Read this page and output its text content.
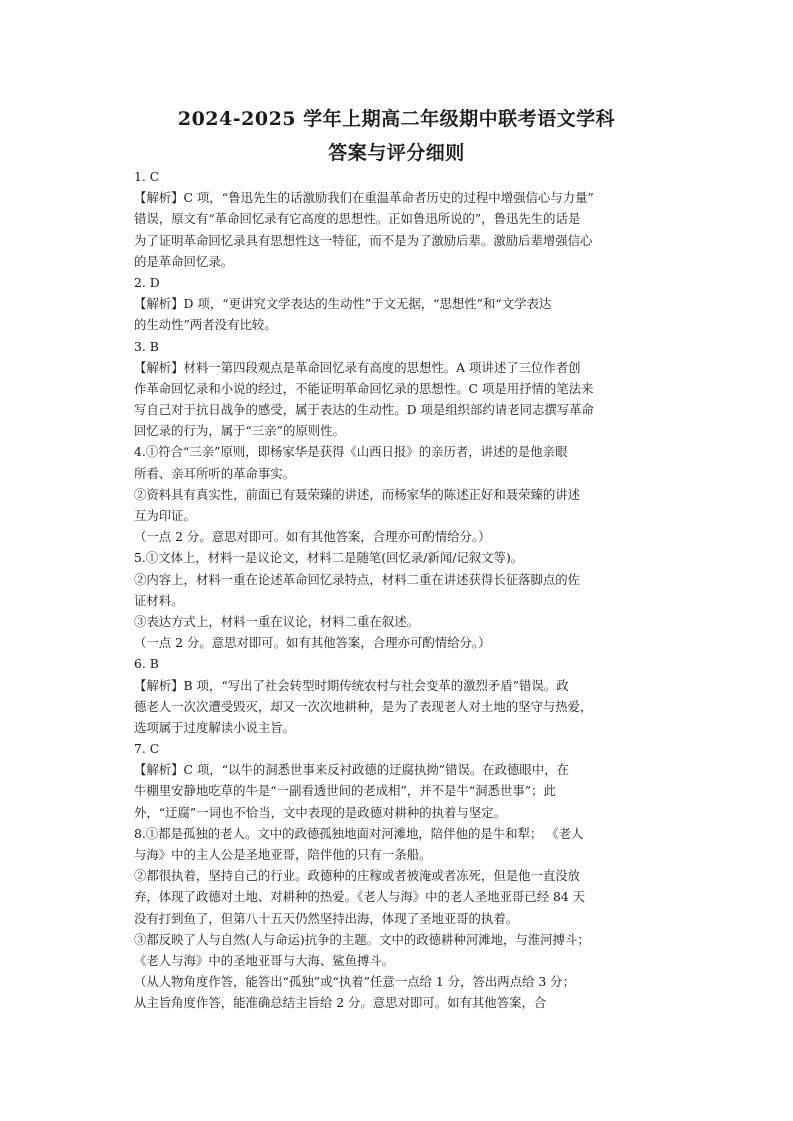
2024-2025 学年上期高二年级期中联考语文学科
答案与评分细则
1. C
【解析】C 项，“鲁迅先生的话激励我们在重温革命者历史的过程中增强信心与力量”
错误，原文有“革命回忆录有它高度的思想性。正如鲁迅所说的”，鲁迅先生的话是
为了证明革命回忆录具有思想性这一特征，而不是为了激励后辈。激励后辈增强信心
的是革命回忆录。
2. D
【解析】D 项，“更讲究文学表达的生动性”于文无据，“思想性”和“文学表达
的生动性”两者没有比较。
3. B
【解析】材料一第四段观点是革命回忆录有高度的思想性。A 项讲述了三位作者创
作革命回忆录和小说的经过，不能证明革命回忆录的思想性。C 项是用抒情的笔法来
写自己对于抗日战争的感受，属于表达的生动性。D 项是组织部约请老同志撰写革命
回忆录的行为，属于“三亲”的原则性。
4.①符合“三亲”原则，即杨家华是获得《山西日报》的亲历者，讲述的是他亲眼
所看、亲耳所听的革命事实。
②资料具有真实性，前面已有聂荣臻的讲述，而杨家华的陈述正好和聂荣臻的讲述
互为印证。
（一点 2 分。意思对即可。如有其他答案，合理亦可酌情给分。）
5.①文体上，材料一是议论文，材料二是随笔(回忆录/新闻/记叙文等)。
②内容上，材料一重在论述革命回忆录特点，材料二重在讲述获得长征落脚点的佐
证材料。
③表达方式上，材料一重在议论，材料二重在叙述。
（一点 2 分。意思对即可。如有其他答案，合理亦可酌情给分。）
6. B
【解析】B 项，“写出了社会转型时期传统农村与社会变革的激烈矛盾”错误。政
德老人一次次遭受毁灭，却又一次次地耕种，是为了表现老人对土地的坚守与热爱，
选项属于过度解读小说主旨。
7. C
【解析】C 项，“以牛的洞悉世事来反衬政德的迂腐执拗”错误。在政德眼中，在
牛棚里安静地吃草的牛是“一副看透世间的老成相”，并不是牛“洞悉世事”；此
外，“迂腐”一词也不恰当，文中表现的是政德对耕种的执着与坚定。
8.①都是孤独的老人。文中的政德孤独地面对河滩地，陪伴他的是牛和犁； 《老人
与海》中的主人公是圣地亚哥，陪伴他的只有一条船。
②都很执着，坚持自己的行业。政德种的庄稼或者被淹或者冻死，但是他一直没放
弃，体现了政德对土地、对耕种的热爱。《老人与海》中的老人圣地亚哥已经 84 天
没有打到鱼了，但第八十五天仍然坚持出海，体现了圣地亚哥的执着。
③都反映了人与自然(人与命运)抗争的主题。文中的政德耕种河滩地，与淮河搏斗；
《老人与海》中的圣地亚哥与大海、鲨鱼搏斗。
（从人物角度作答，能答出“孤独”或“执着”任意一点给 1 分，答出两点给 3 分；
从主旨角度作答，能准确总结主旨给 2 分。意思对即可。如有其他答案，合
